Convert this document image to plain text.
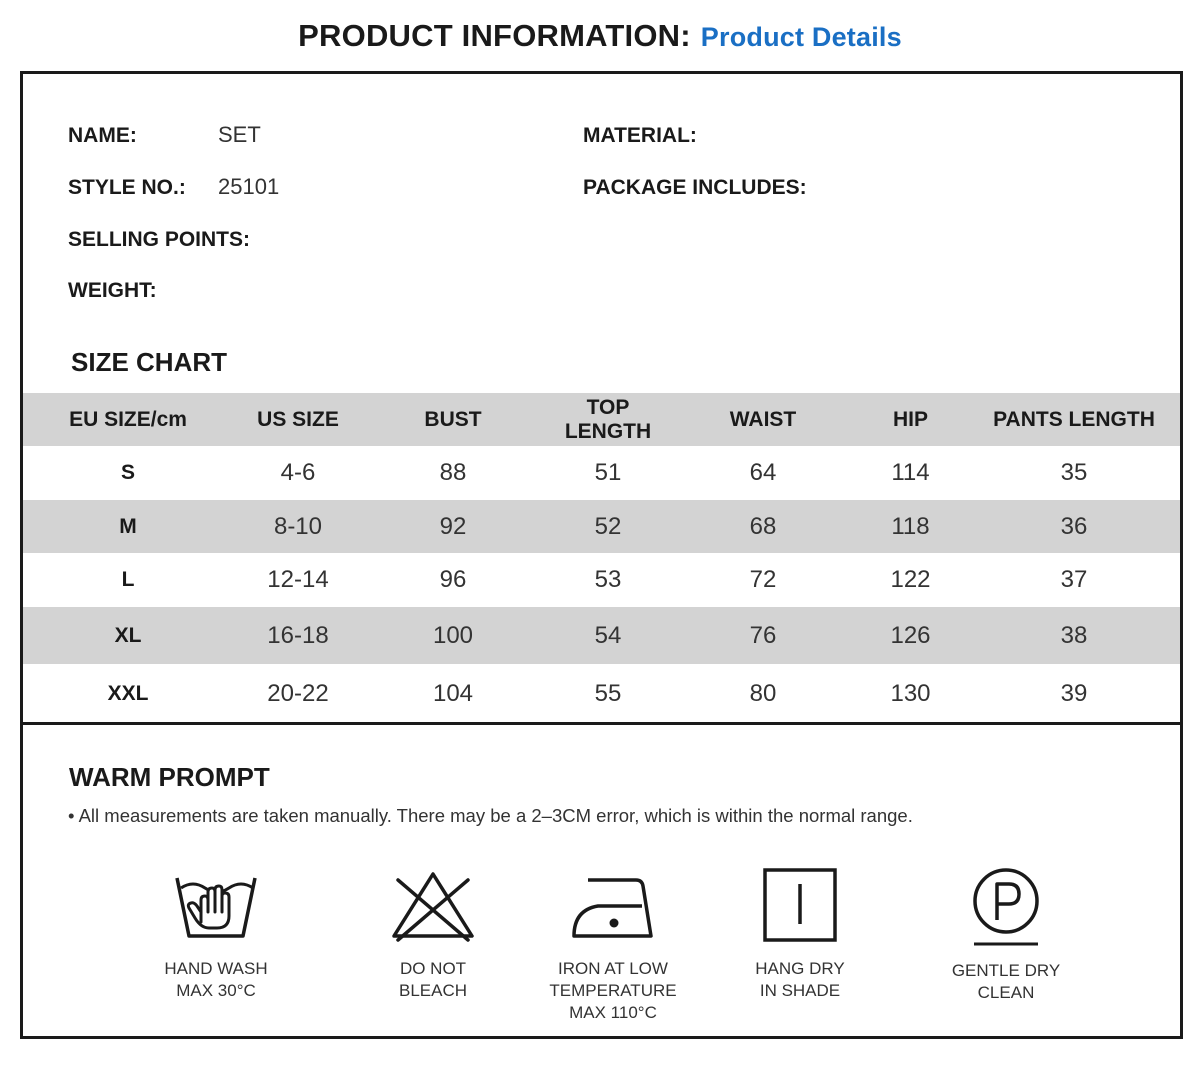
PRODUCT INFORMATION: Product Details
NAME:	SET
STYLE NO.: 25101
SELLING POINTS:
WEIGHT:
MATERIAL:
PACKAGE INCLUDES:
SIZE CHART
EU SIZE/cm	US SIZE	BUST	TOP LENGTH	WAIST	HIP	PANTS LENGTH
S	4-6	88	51	64	114	35
M	8-10	92	52	68	118	36
L	12-14	96	53	72	122	37
XL	16-18	100	54	76	126	38
XXL	20-22	104	55	80	130	39
WARM PROMPT
• All measurements are taken manually. There may be a 2–3CM error, which is within the normal range.
HAND WASH
MAX 30°C
DO NOT
BLEACH
IRON AT LOW
TEMPERATURE
MAX 110°C
HANG DRY
IN SHADE
GENTLE DRY
CLEAN
